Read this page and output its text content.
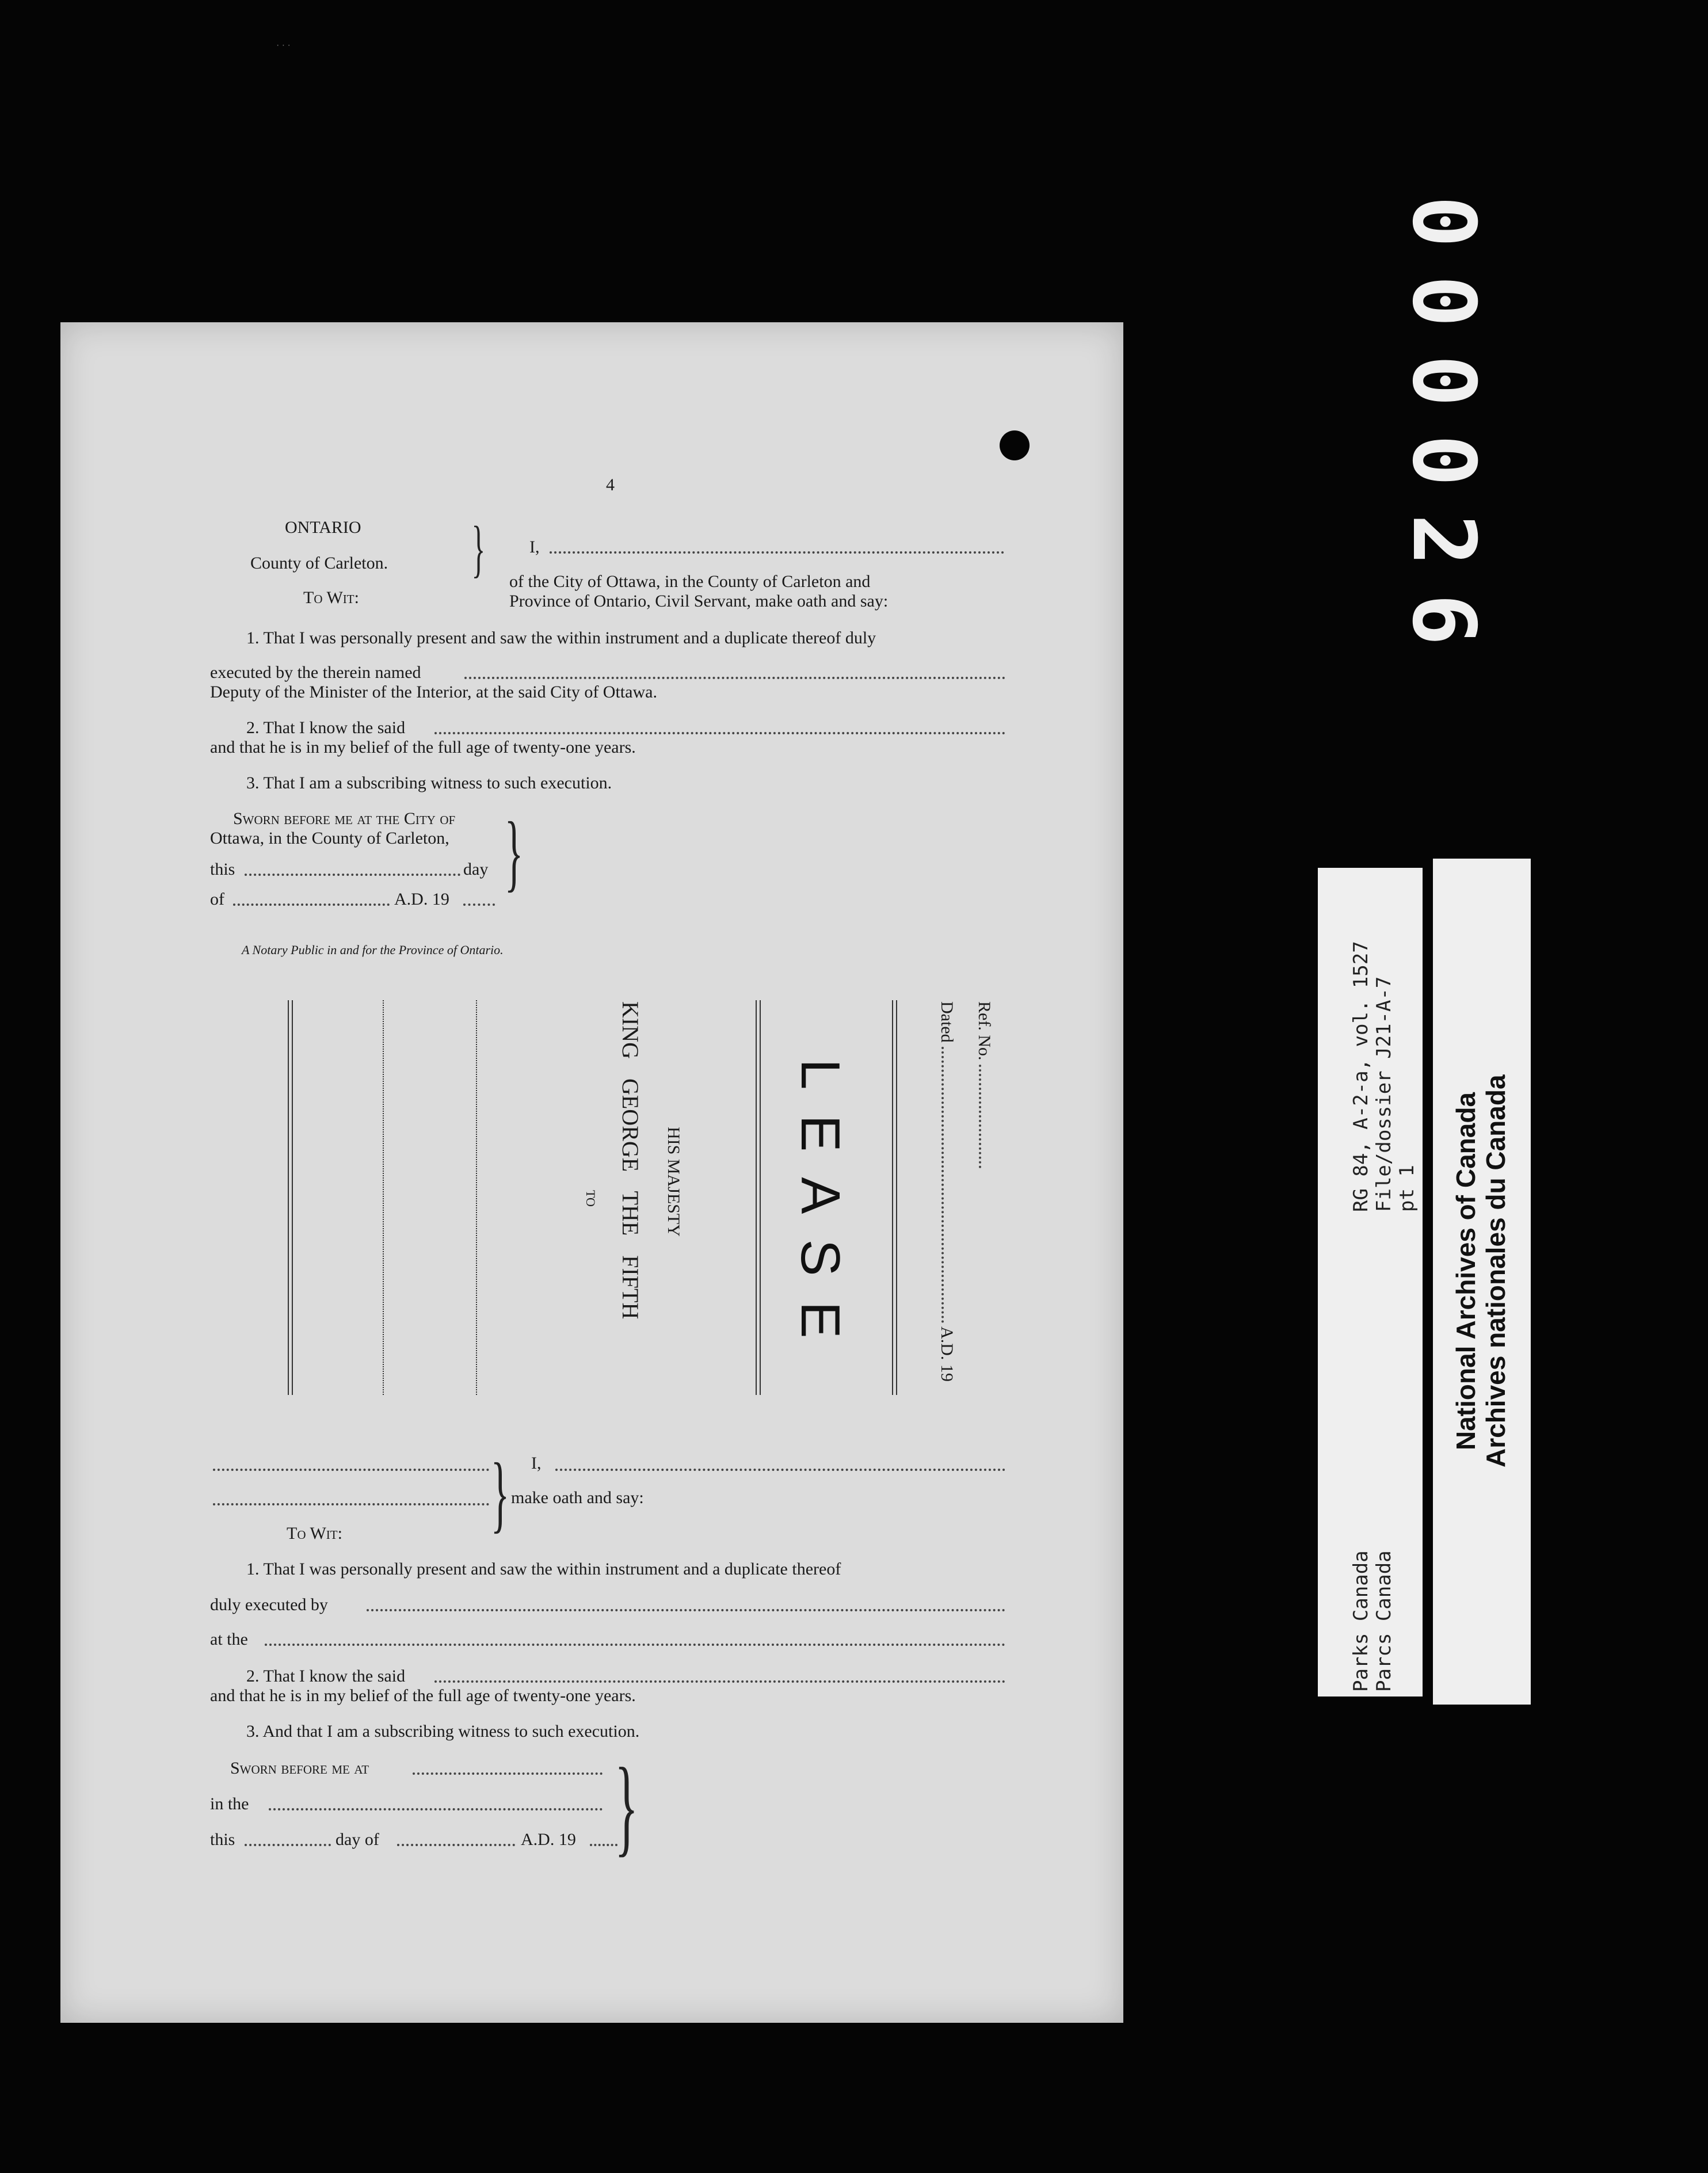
· · ·
4
ONTARIO
County of Carleton.
To Wit:
}	I,
of the City of Ottawa, in the County of Carleton and
Province of Ontario, Civil Servant, make oath and say:
1. That I was personally present and saw the within instrument and a duplicate thereof duly
executed by the therein named
Deputy of the Minister of the Interior, at the said City of Ottawa.
2. That I know the said
and that he is in my belief of the full age of twenty-one years.
3. That I am a subscribing witness to such execution.
Sworn before me at the City of
Ottawa, in the County of Carleton,
this	day
of	A.D. 19 }
A Notary Public in and for the Province of Ontario.
Ref. No.
Dated  A.D. 19
LEASE
HIS MAJESTY
KING GEORGE THE FIFTH
TO
} I,
make oath and say:
To Wit:
1. That I was personally present and saw the within instrument and a duplicate thereof
duly executed by
at the
2. That I know the said
and that he is in my belief of the full age of twenty-one years.
3. And that I am a subscribing witness to such execution.
Sworn before me at
in the
this	day of	A.D. 19 }
000026
RG 84, A-2-a, vol. 1527 File/dossier J21-A-7 pt 1
Parks Canada Parcs Canada
National Archives of Canada Archives nationales du Canada
